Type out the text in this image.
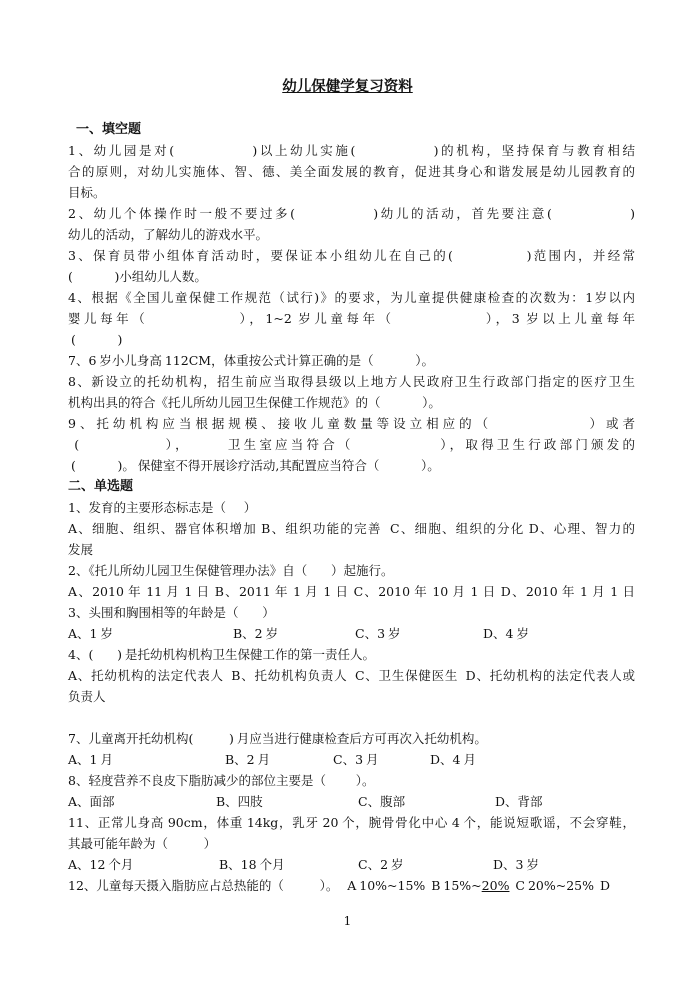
幼儿保健学复习资料
一、填空题
1、幼儿园是对(              )以上幼儿实施(              )的机构，坚持保育与教育相结
合的原则，对幼儿实施体、智、德、美全面发展的教育，促进其身心和谐发展是幼儿园教育的
目标。
2、幼儿个体操作时一般不要过多(              )幼儿的活动，首先要注意(              )
幼儿的活动，了解幼儿的游戏水平。
3、保育员带小组体育活动时，要保证本小组幼儿在自己的(              )范围内，并经常
(              )小组幼儿人数。
4、根据《全国儿童保健工作规范（试行)》的要求，为儿童提供健康检查的次数为：1岁以内
婴儿每年（              ），1~2 岁儿童每年（              ），3 岁以上儿童每年
(              )
7、6 岁小儿身高 112CM，体重按公式计算正确的是（              ）。
8、新设立的托幼机构，招生前应当取得县级以上地方人民政府卫生行政部门指定的医疗卫生
机构出具的符合《托儿所幼儿园卫生保健工作规范》的（              ）。
9、托幼机构应当根据规模、接收儿童数量等设立相应的（              ）或者
(              ），      卫生室应当符合（              ），取得卫生行政部门颁发的
(              )。 保健室不得开展诊疗活动,其配置应当符合（              ）。
二、单选题
1、发育的主要形态标志是（      ）
A、细胞、组织、器官体积增加 B、组织功能的完善  C、细胞、组织的分化 D、心理、智力的
发展
2、《托儿所幼儿园卫生保健管理办法》自（        ）起施行。
A、2010 年 11 月 1 日 B、2011 年 1 月 1 日 C、2010 年 10 月 1 日 D、2010 年 1 月 1 日
3、头围和胸围相等的年龄是（        ）

A、1 岁

	B、2 岁

	C、3 岁

	D、4 岁

4、(        ) 是托幼机构机构卫生保健工作的第一责任人。
A、托幼机构的法定代表人  B、托幼机构负责人  C、卫生保健医生  D、托幼机构的法定代表人或
负责人
7、儿童离开托幼机构(            ) 月应当进行健康检查后方可再次入托幼机构。

A、1 月

	B、2 月

	C、3 月

	D、4 月

8、轻度营养不良皮下脂肪减少的部位主要是（          ）。

A、面部

	B、四肢

	C、腹部

	D、背部

11、正常儿身高 90cm，体重 14kg，乳牙 20 个，腕骨骨化中心 4 个，能说短歌谣，不会穿鞋，
其最可能年龄为（            ）

A、12 个月

	B、18 个月

	C、2 岁

	D、3 岁

12、儿童每天摄入脂肪应占总热能的（            ）。   A 10%~15%  B 15%~20%  C 20%~25%  D
1
